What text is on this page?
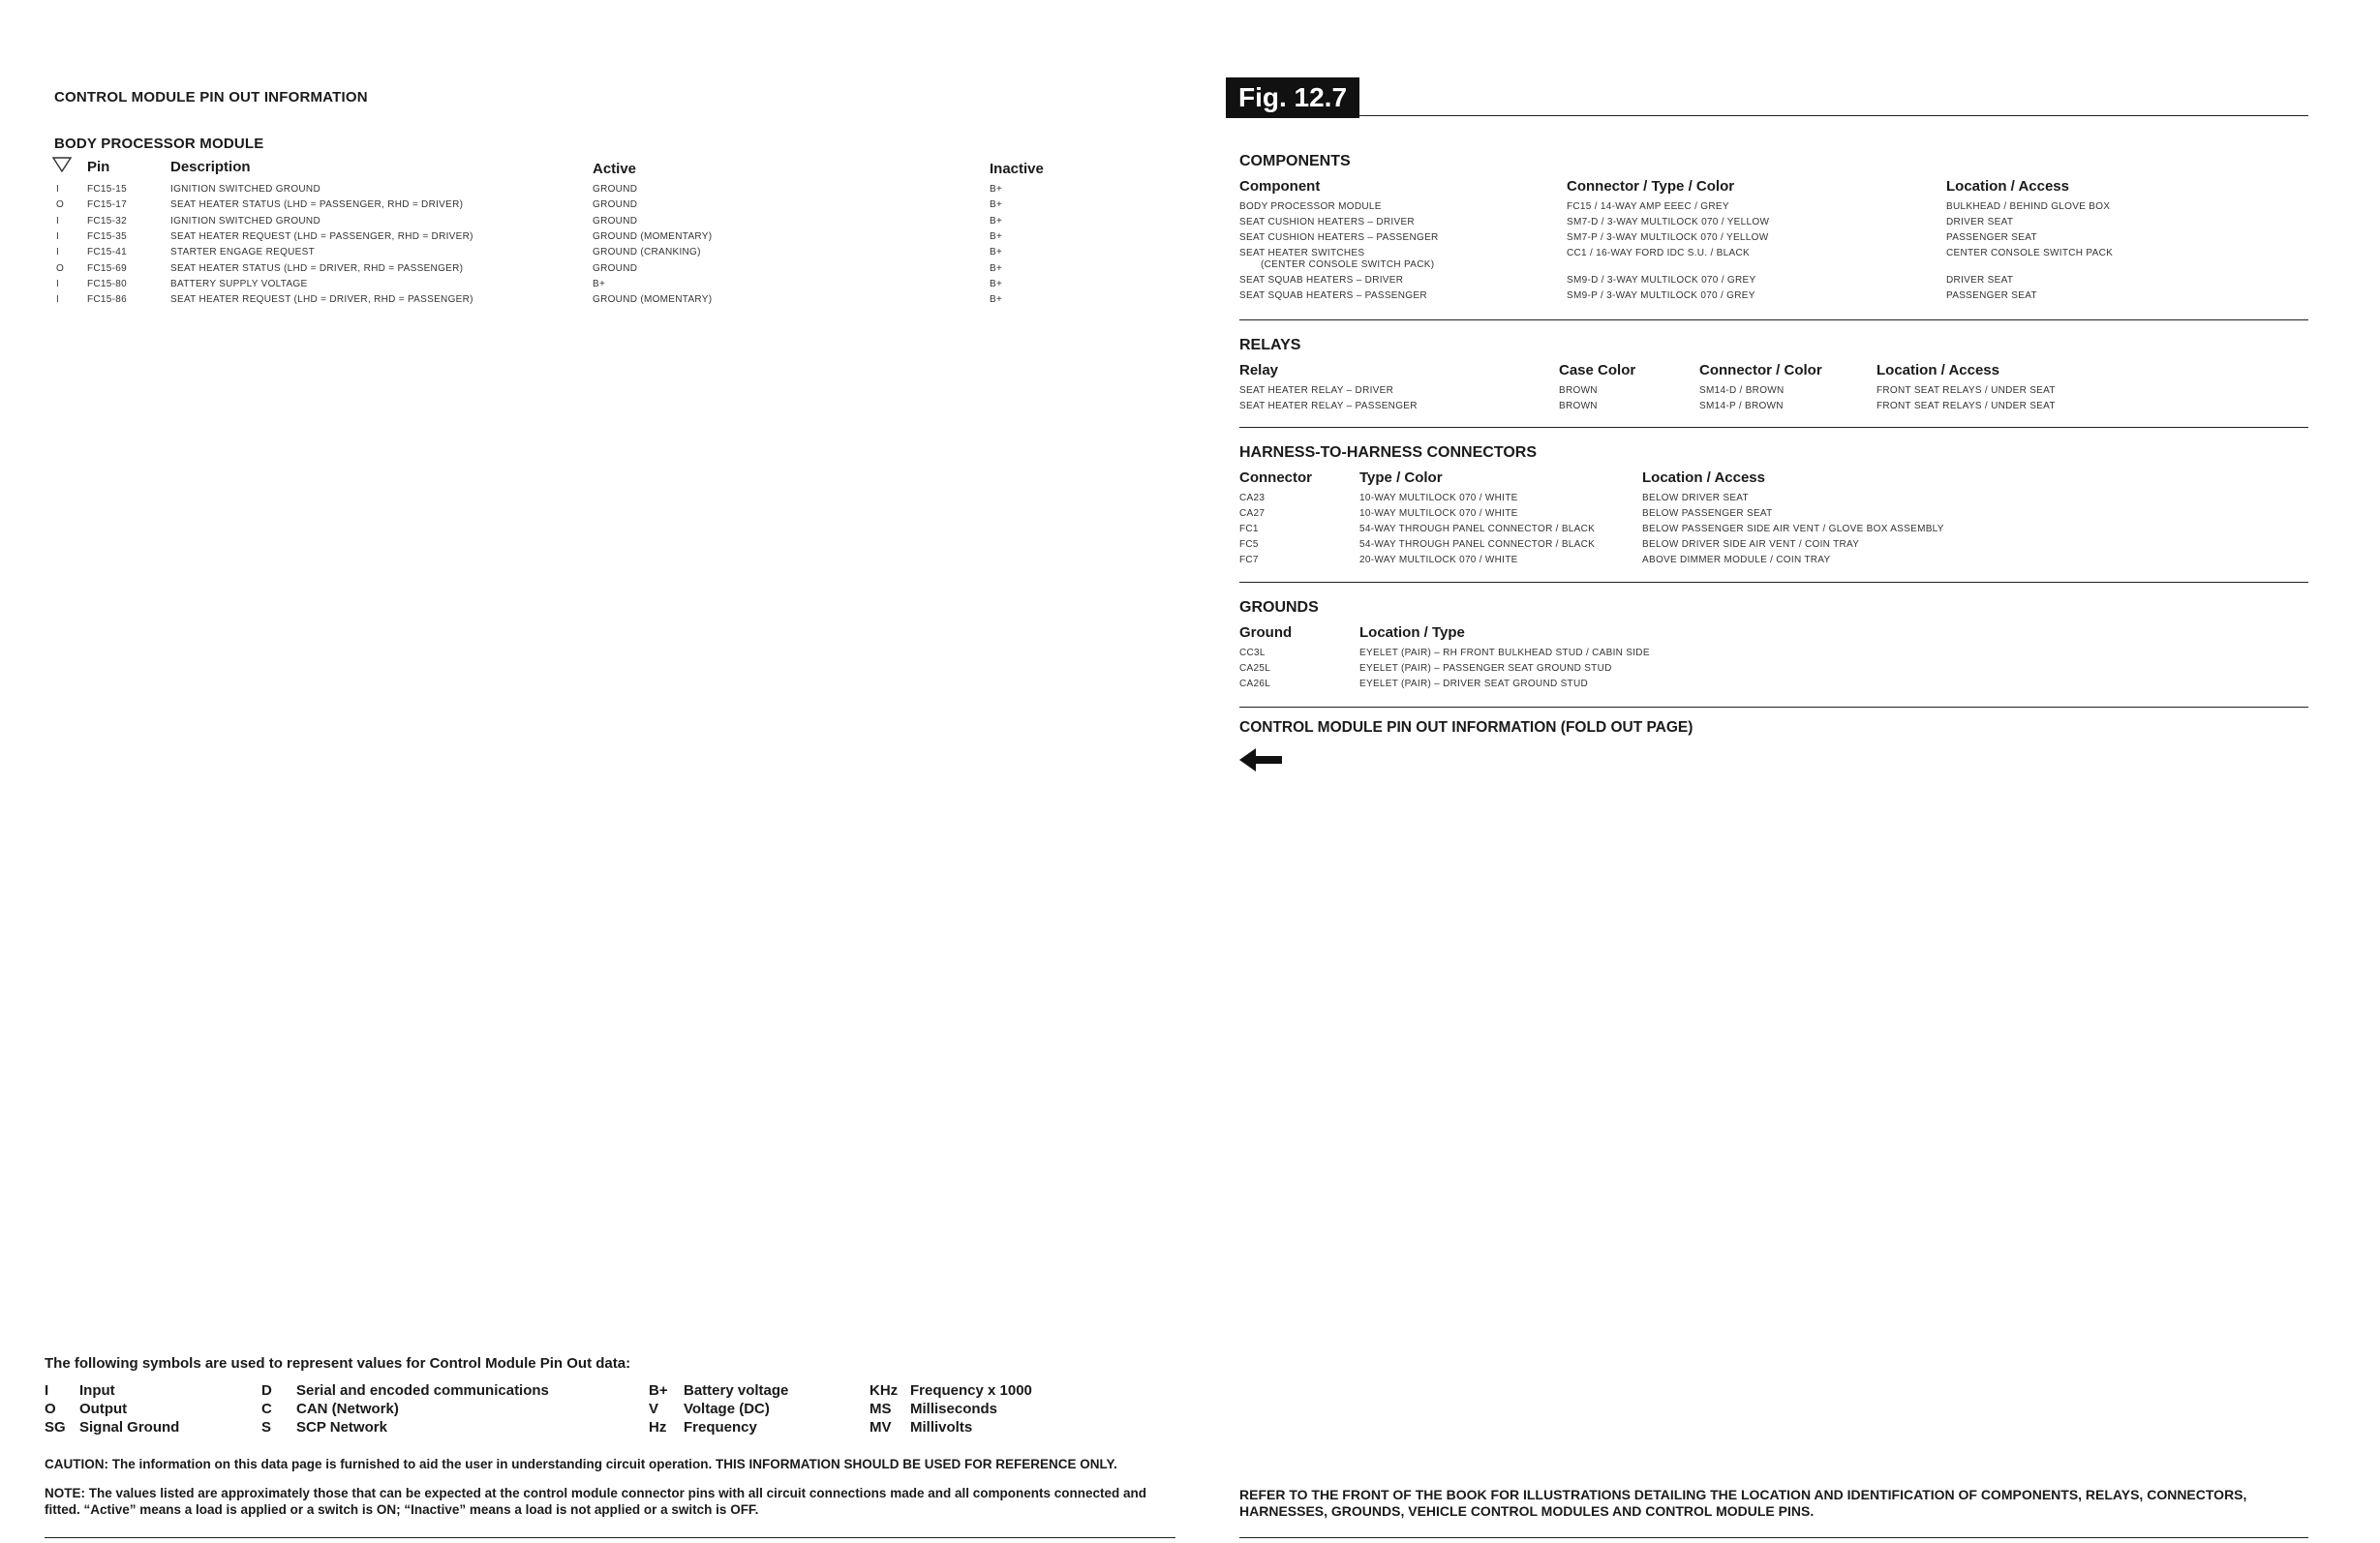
CONTROL MODULE PIN OUT INFORMATION
BODY PROCESSOR MODULE
Pin	Description	Active	Inactive
I	FC15-15	IGNITION SWITCHED GROUND	GROUND	B+
O FC15-17	SEAT HEATER STATUS (LHD = PASSENGER, RHD = DRIVER)	GROUND	B+
I	FC15-32	IGNITION SWITCHED GROUND	GROUND	B+
I	FC15-35	SEAT HEATER REQUEST (LHD = PASSENGER, RHD = DRIVER)	GROUND (MOMENTARY)	B+
I	FC15-41	STARTER ENGAGE REQUEST	GROUND (CRANKING)	B+
O FC15-69	SEAT HEATER STATUS (LHD = DRIVER, RHD = PASSENGER)	GROUND	B+
I	FC15-80	BATTERY SUPPLY VOLTAGE	B+	B+
I	FC15-86	SEAT HEATER REQUEST (LHD = DRIVER, RHD = PASSENGER)	GROUND (MOMENTARY)	B+
The following symbols are used to represent values for Control Module Pin Out data:
I Input
O Output
SG Signal Ground
D Serial and encoded communications
C CAN (Network)
S SCP Network
B+ Battery voltage
V Voltage (DC)
Hz Frequency
KHz Frequency x 1000
MS Milliseconds
MV Millivolts
CAUTION: The information on this data page is furnished to aid the user in understanding circuit operation. THIS INFORMATION SHOULD BE USED FOR REFERENCE ONLY.
NOTE: The values listed are approximately those that can be expected at the control module connector pins with all circuit connections made and all components connected and fitted. “Active” means a load is applied or a switch is ON; “Inactive” means a load is not applied or a switch is OFF.
Fig. 12.7
COMPONENTS
Component	Connector / Type / Color	Location / Access
BODY PROCESSOR MODULE	FC15 / 14-WAY AMP EEEC / GREY	BULKHEAD / BEHIND GLOVE BOX
SEAT CUSHION HEATERS – DRIVER	SM7-D / 3-WAY MULTILOCK 070 / YELLOW	DRIVER SEAT
SEAT CUSHION HEATERS – PASSENGER	SM7-P / 3-WAY MULTILOCK 070 / YELLOW	PASSENGER SEAT
SEAT HEATER SWITCHES	CC1 / 16-WAY FORD IDC S.U. / BLACK	CENTER CONSOLE SWITCH PACK
(CENTER CONSOLE SWITCH PACK)
SEAT SQUAB HEATERS – DRIVER	SM9-D / 3-WAY MULTILOCK 070 / GREY	DRIVER SEAT
SEAT SQUAB HEATERS – PASSENGER	SM9-P / 3-WAY MULTILOCK 070 / GREY	PASSENGER SEAT
RELAYS
Relay	Case Color	Connector / Color	Location / Access
SEAT HEATER RELAY – DRIVER	BROWN	SM14-D / BROWN	FRONT SEAT RELAYS / UNDER SEAT
SEAT HEATER RELAY – PASSENGER	BROWN	SM14-P / BROWN	FRONT SEAT RELAYS / UNDER SEAT
HARNESS-TO-HARNESS CONNECTORS
Connector	Type / Color	Location / Access
CA23	10-WAY MULTILOCK 070 / WHITE	BELOW DRIVER SEAT
CA27	10-WAY MULTILOCK 070 / WHITE	BELOW PASSENGER SEAT
FC1	54-WAY THROUGH PANEL CONNECTOR / BLACK	BELOW PASSENGER SIDE AIR VENT / GLOVE BOX ASSEMBLY
FC5	54-WAY THROUGH PANEL CONNECTOR / BLACK	BELOW DRIVER SIDE AIR VENT / COIN TRAY
FC7	20-WAY MULTILOCK 070 / WHITE	ABOVE DIMMER MODULE / COIN TRAY
GROUNDS
Ground	Location / Type
CC3L	EYELET (PAIR) – RH FRONT BULKHEAD STUD / CABIN SIDE
CA25L	EYELET (PAIR) – PASSENGER SEAT GROUND STUD
CA26L	EYELET (PAIR) – DRIVER SEAT GROUND STUD
CONTROL MODULE PIN OUT INFORMATION (FOLD OUT PAGE)
REFER TO THE FRONT OF THE BOOK FOR ILLUSTRATIONS DETAILING THE LOCATION AND IDENTIFICATION OF COMPONENTS, RELAYS, CONNECTORS, HARNESSES, GROUNDS, VEHICLE CONTROL MODULES AND CONTROL MODULE PINS.
